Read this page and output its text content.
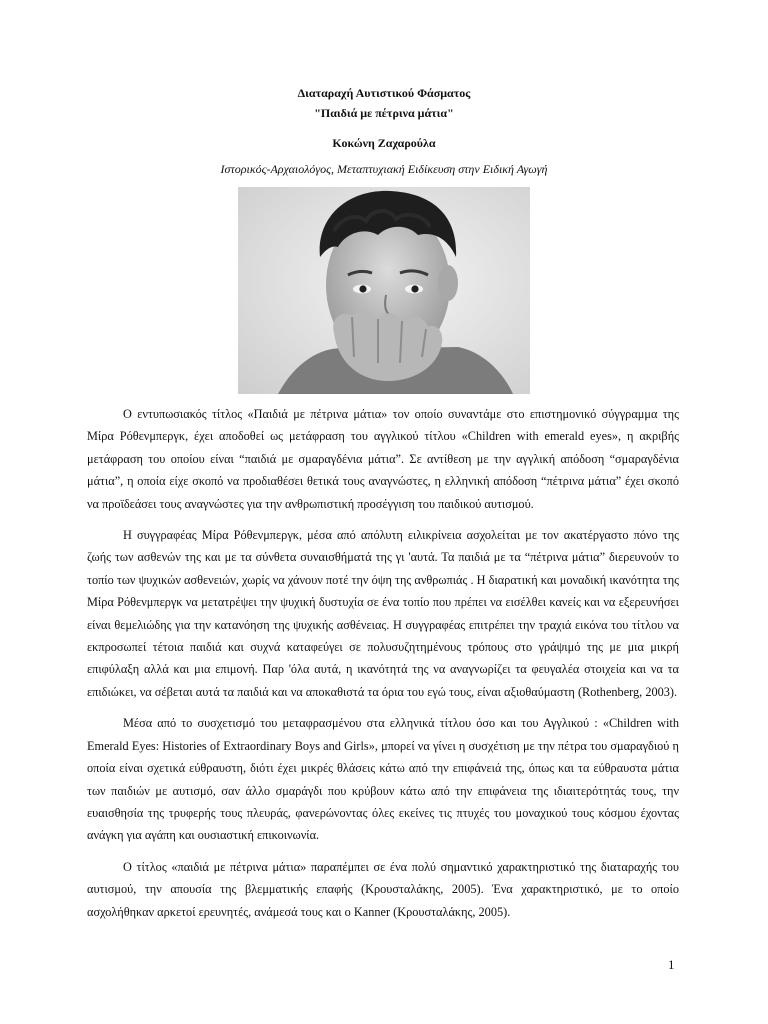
Διαταραχή Αυτιστικού Φάσματος
"Παιδιά με πέτρινα μάτια"

Κοκώνη Ζαχαρούλα

Ιστορικός-Αρχαιολόγος, Μεταπτυχιακή Ειδίκευση στην Ειδική Αγωγή

Ο εντυπωσιακός τίτλος «Παιδιά με πέτρινα μάτια» τον οποίο συναντάμε στο επιστημονικό σύγγραμμα της Μίρα Ρόθενμπεργκ, έχει αποδοθεί ως μετάφραση του αγγλικού τίτλου «Children with emerald eyes», η ακριβής μετάφραση του οποίου είναι “παιδιά με σμαραγδένια μάτια”. Σε αντίθεση με την αγγλική απόδοση “σμαραγδένια μάτια”, η οποία είχε σκοπό να προδιαθέσει θετικά τους αναγνώστες, η ελληνική απόδοση “πέτρινα μάτια” έχει σκοπό να προϊδεάσει τους αναγνώστες για την ανθρωπιστική προσέγγιση του παιδικού αυτισμού.

Η συγγραφέας Μίρα Ρόθενμπεργκ, μέσα από απόλυτη ειλικρίνεια ασχολείται με τον ακατέργαστο πόνο της ζωής των ασθενών της και με τα σύνθετα συναισθήματά της γι 'αυτά. Τα παιδιά με τα “πέτρινα μάτια” διερευνούν το τοπίο των ψυχικών ασθενειών, χωρίς να χάνουν ποτέ την όψη της ανθρωπιάς . Η διαρατική και μοναδική ικανότητα της Μίρα Ρόθενμπεργκ να μετατρέψει την ψυχική δυστυχία σε ένα τοπίο που πρέπει να εισέλθει κανείς και να εξερευνήσει είναι θεμελιώδης για την κατανόηση της ψυχικής ασθένειας. Η συγγραφέας επιτρέπει την τραχιά εικόνα του τίτλου να εκπροσωπεί τέτοια παιδιά και συχνά καταφεύγει σε πολυσυζητημένους τρόπους στο γράψιμό της με μια μικρή επιφύλαξη αλλά και μια επιμονή. Παρ 'όλα αυτά, η ικανότητά της να αναγνωρίζει τα φευγαλέα στοιχεία και να τα επιδιώκει, να σέβεται αυτά τα παιδιά και να αποκαθιστά τα όρια του εγώ τους, είναι αξιοθαύμαστη (Rothenberg, 2003).

Μέσα από το συσχετισμό του μεταφρασμένου στα ελληνικά τίτλου όσο και του Αγγλικού : «Children with Emerald Eyes: Histories of Extraordinary Boys and Girls», μπορεί να γίνει η συσχέτιση με την πέτρα του σμαραγδιού η οποία είναι σχετικά εύθραυστη, διότι έχει μικρές θλάσεις κάτω από την επιφάνειά της, όπως και τα εύθραυστα μάτια των παιδιών με αυτισμό, σαν άλλο σμαράγδι που κρύβουν κάτω από την επιφάνεια της ιδιαιτερότητάς τους, την ευαισθησία της τρυφερής τους πλευράς, φανερώνοντας όλες εκείνες τις πτυχές του μοναχικού τους κόσμου έχοντας ανάγκη για αγάπη και ουσιαστική επικοινωνία.

Ο τίτλος «παιδιά με πέτρινα μάτια» παραπέμπει σε ένα πολύ σημαντικό χαρακτηριστικό της διαταραχής του αυτισμού, την απουσία της βλεμματικής επαφής (Κρουσταλάκης, 2005). Ένα χαρακτηριστικό, με το οποίο ασχολήθηκαν αρκετοί ερευνητές, ανάμεσά τους και ο Kanner (Κρουσταλάκης, 2005).

1
